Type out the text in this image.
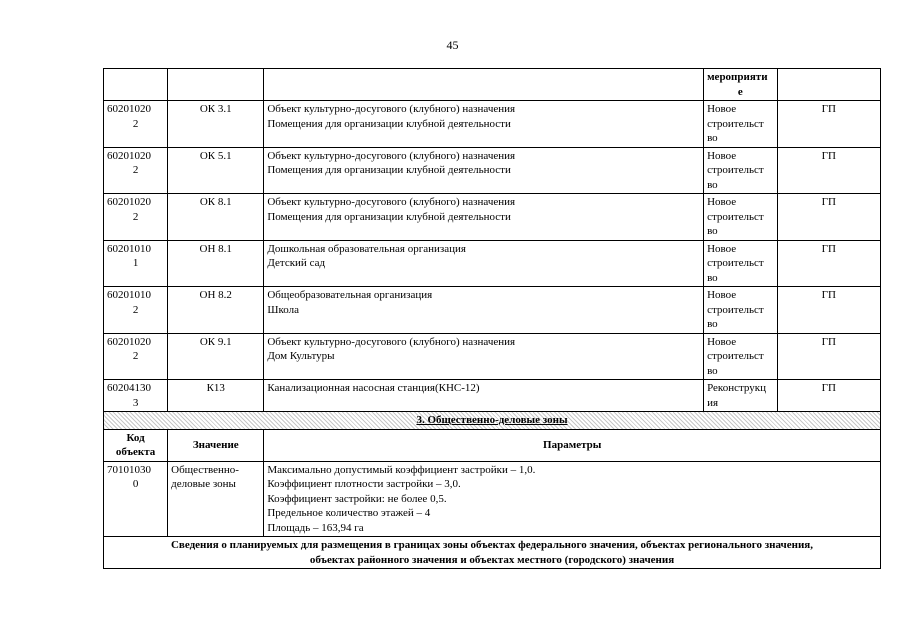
45

			мероприяти
е	

60201020
2	ОК 3.1	Объект культурно-досугового (клубного) назначения
Помещения для организации клубной деятельности	Новое
строительст
во	ГП

60201020
2	ОК 5.1	Объект культурно-досугового (клубного) назначения
Помещения для организации клубной деятельности	Новое
строительст
во	ГП

60201020
2	ОК 8.1	Объект культурно-досугового (клубного) назначения
Помещения для организации клубной деятельности	Новое
строительст
во	ГП

60201010
1	ОН 8.1	Дошкольная образовательная организация
Детский сад	Новое
строительст
во	ГП

60201010
2	ОН 8.2	Общеобразовательная организация
Школа	Новое
строительст
во	ГП

60201020
2	ОК 9.1	Объект культурно-досугового (клубного) назначения
Дом Культуры	Новое
строительст
во	ГП

60204130
3	К13	Канализационная насосная станция(КНС-12)	Реконструкц
ия	ГП
3. Общественно-деловые зоны				

Код
объекта	Значение	Параметры		

70101030
0	Общественно-
деловые зоны	Максимально допустимый коэффициент застройки – 1,0.
Коэффициент плотности застройки – 3,0.
Коэффициент застройки: не более 0,5.
Предельное количество этажей – 4
Площадь – 163,94 га		

Сведения о планируемых для размещения в границах зоны объектах федерального значения, объектах регионального значения,
объектах районного значения и объектах местного (городского) значения				
